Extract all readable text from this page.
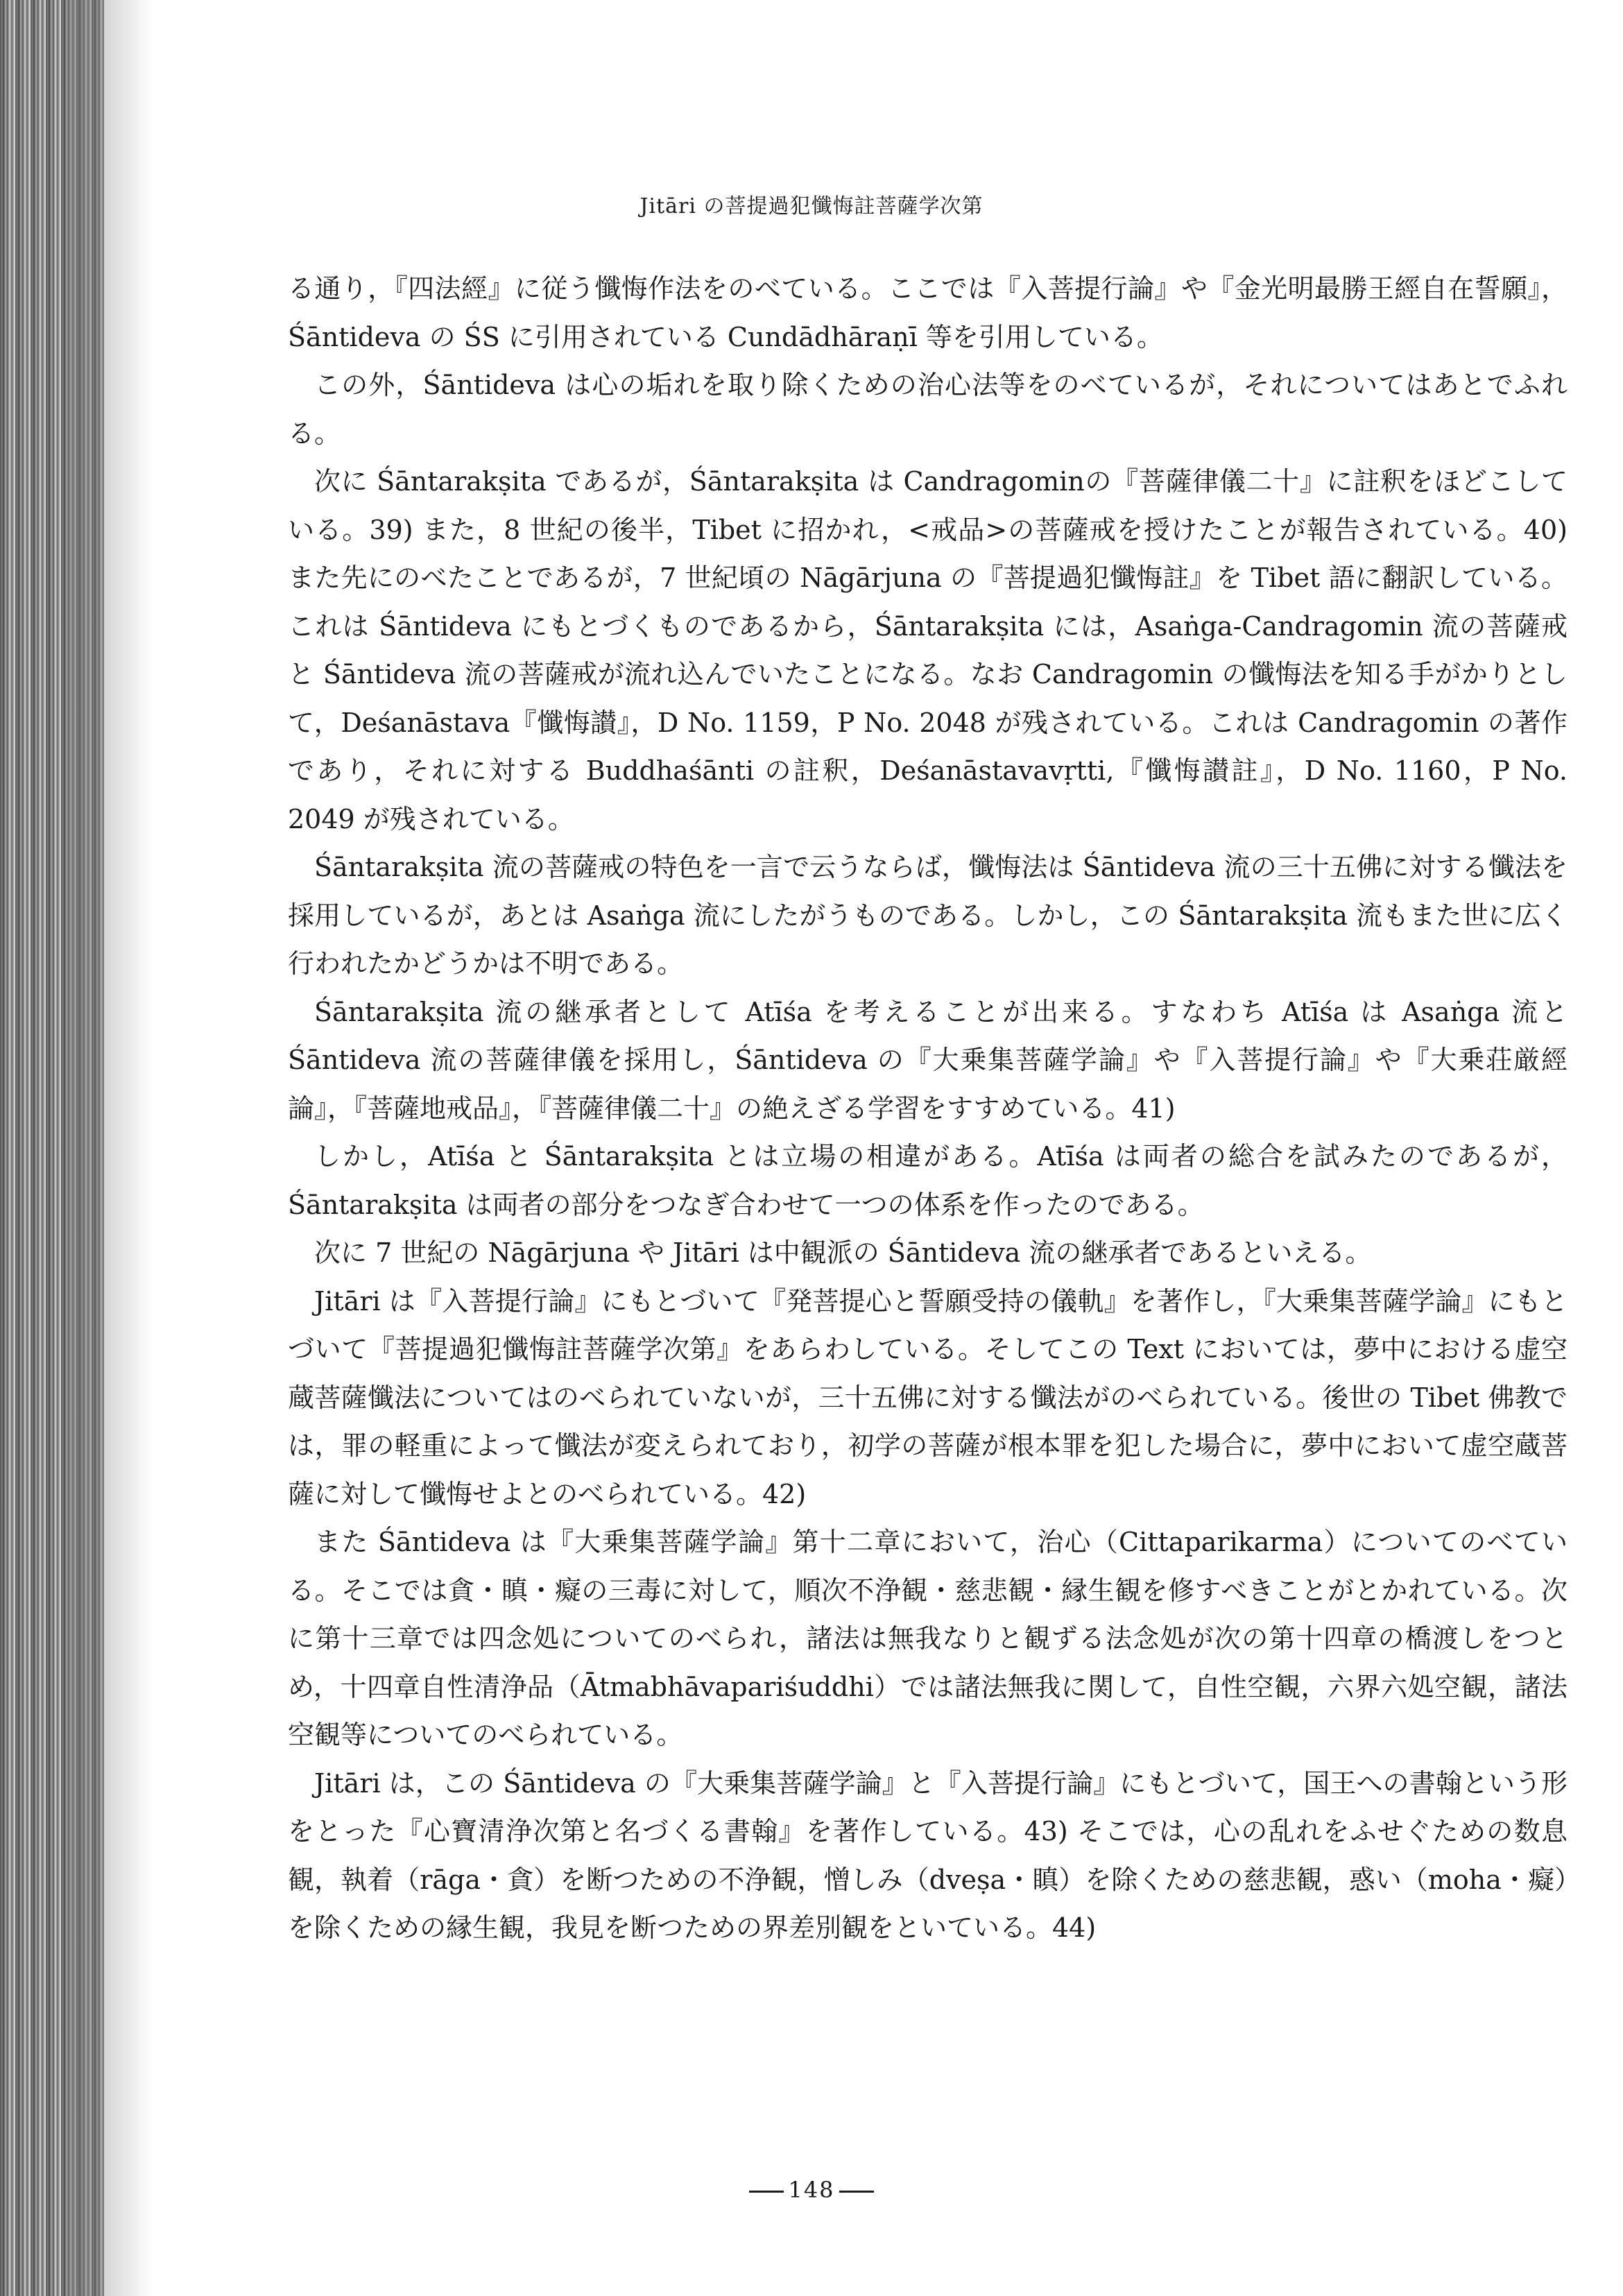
Jitāri の菩提過犯懺悔註菩薩学次第

る通り，『四法經』に従う懺悔作法をのべている。ここでは『入菩提行論』や『金光明最勝王經自在誓願』，Śāntideva の ŚS に引用されている Cundādhāraṇī 等を引用している。

この外，Śāntideva は心の垢れを取り除くための治心法等をのべているが，それについてはあとでふれる。

次に Śāntarakṣita であるが，Śāntarakṣita は Candragominの『菩薩律儀二十』に註釈をほどこしている。39) また，8 世紀の後半，Tibet に招かれ，<戒品>の菩薩戒を授けたことが報告されている。40) また先にのべたことであるが，7 世紀頃の Nāgārjuna の『菩提過犯懺悔註』を Tibet 語に翻訳している。これは Śāntideva にもとづくものであるから，Śāntarakṣita には，Asaṅga-Candragomin 流の菩薩戒と Śāntideva 流の菩薩戒が流れ込んでいたことになる。なお Candragomin の懺悔法を知る手がかりとして，Deśanāstava『懺悔讃』，D No. 1159，P No. 2048 が残されている。これは Candragomin の著作であり，それに対する Buddhaśānti の註釈，Deśanāstavavṛtti,『懺悔讃註』，D No. 1160，P No. 2049 が残されている。

Śāntarakṣita 流の菩薩戒の特色を一言で云うならば，懺悔法は Śāntideva 流の三十五佛に対する懺法を採用しているが，あとは Asaṅga 流にしたがうものである。しかし，この Śāntarakṣita 流もまた世に広く行われたかどうかは不明である。

Śāntarakṣita 流の継承者として Atīśa を考えることが出来る。すなわち Atīśa は Asaṅga 流と Śāntideva 流の菩薩律儀を採用し，Śāntideva の『大乗集菩薩学論』や『入菩提行論』や『大乗荘厳經論』，『菩薩地戒品』，『菩薩律儀二十』の絶えざる学習をすすめている。41)

しかし，Atīśa と Śāntarakṣita とは立場の相違がある。Atīśa は両者の総合を試みたのであるが，Śāntarakṣita は両者の部分をつなぎ合わせて一つの体系を作ったのである。

次に 7 世紀の Nāgārjuna や Jitāri は中観派の Śāntideva 流の継承者であるといえる。

Jitāri は『入菩提行論』にもとづいて『発菩提心と誓願受持の儀軌』を著作し，『大乗集菩薩学論』にもとづいて『菩提過犯懺悔註菩薩学次第』をあらわしている。そしてこの Text においては，夢中における虚空蔵菩薩懺法についてはのべられていないが，三十五佛に対する懺法がのべられている。後世の Tibet 佛教では，罪の軽重によって懺法が変えられており，初学の菩薩が根本罪を犯した場合に，夢中において虚空蔵菩薩に対して懺悔せよとのべられている。42)

また Śāntideva は『大乗集菩薩学論』第十二章において，治心（Cittaparikarma）についてのべている。そこでは貪・瞋・癡の三毒に対して，順次不浄観・慈悲観・縁生観を修すべきことがとかれている。次に第十三章では四念処についてのべられ，諸法は無我なりと観ずる法念処が次の第十四章の橋渡しをつとめ，十四章自性清浄品（Ātmabhāvapariśuddhi）では諸法無我に関して，自性空観，六界六処空観，諸法空観等についてのべられている。

Jitāri は，この Śāntideva の『大乗集菩薩学論』と『入菩提行論』にもとづいて，国王への書翰という形をとった『心寶清浄次第と名づくる書翰』を著作している。43) そこでは，心の乱れをふせぐための数息観，執着（rāga・貪）を断つための不浄観，憎しみ（dveṣa・瞋）を除くための慈悲観，惑い（moha・癡）を除くための縁生観，我見を断つための界差別観をといている。44)

148
